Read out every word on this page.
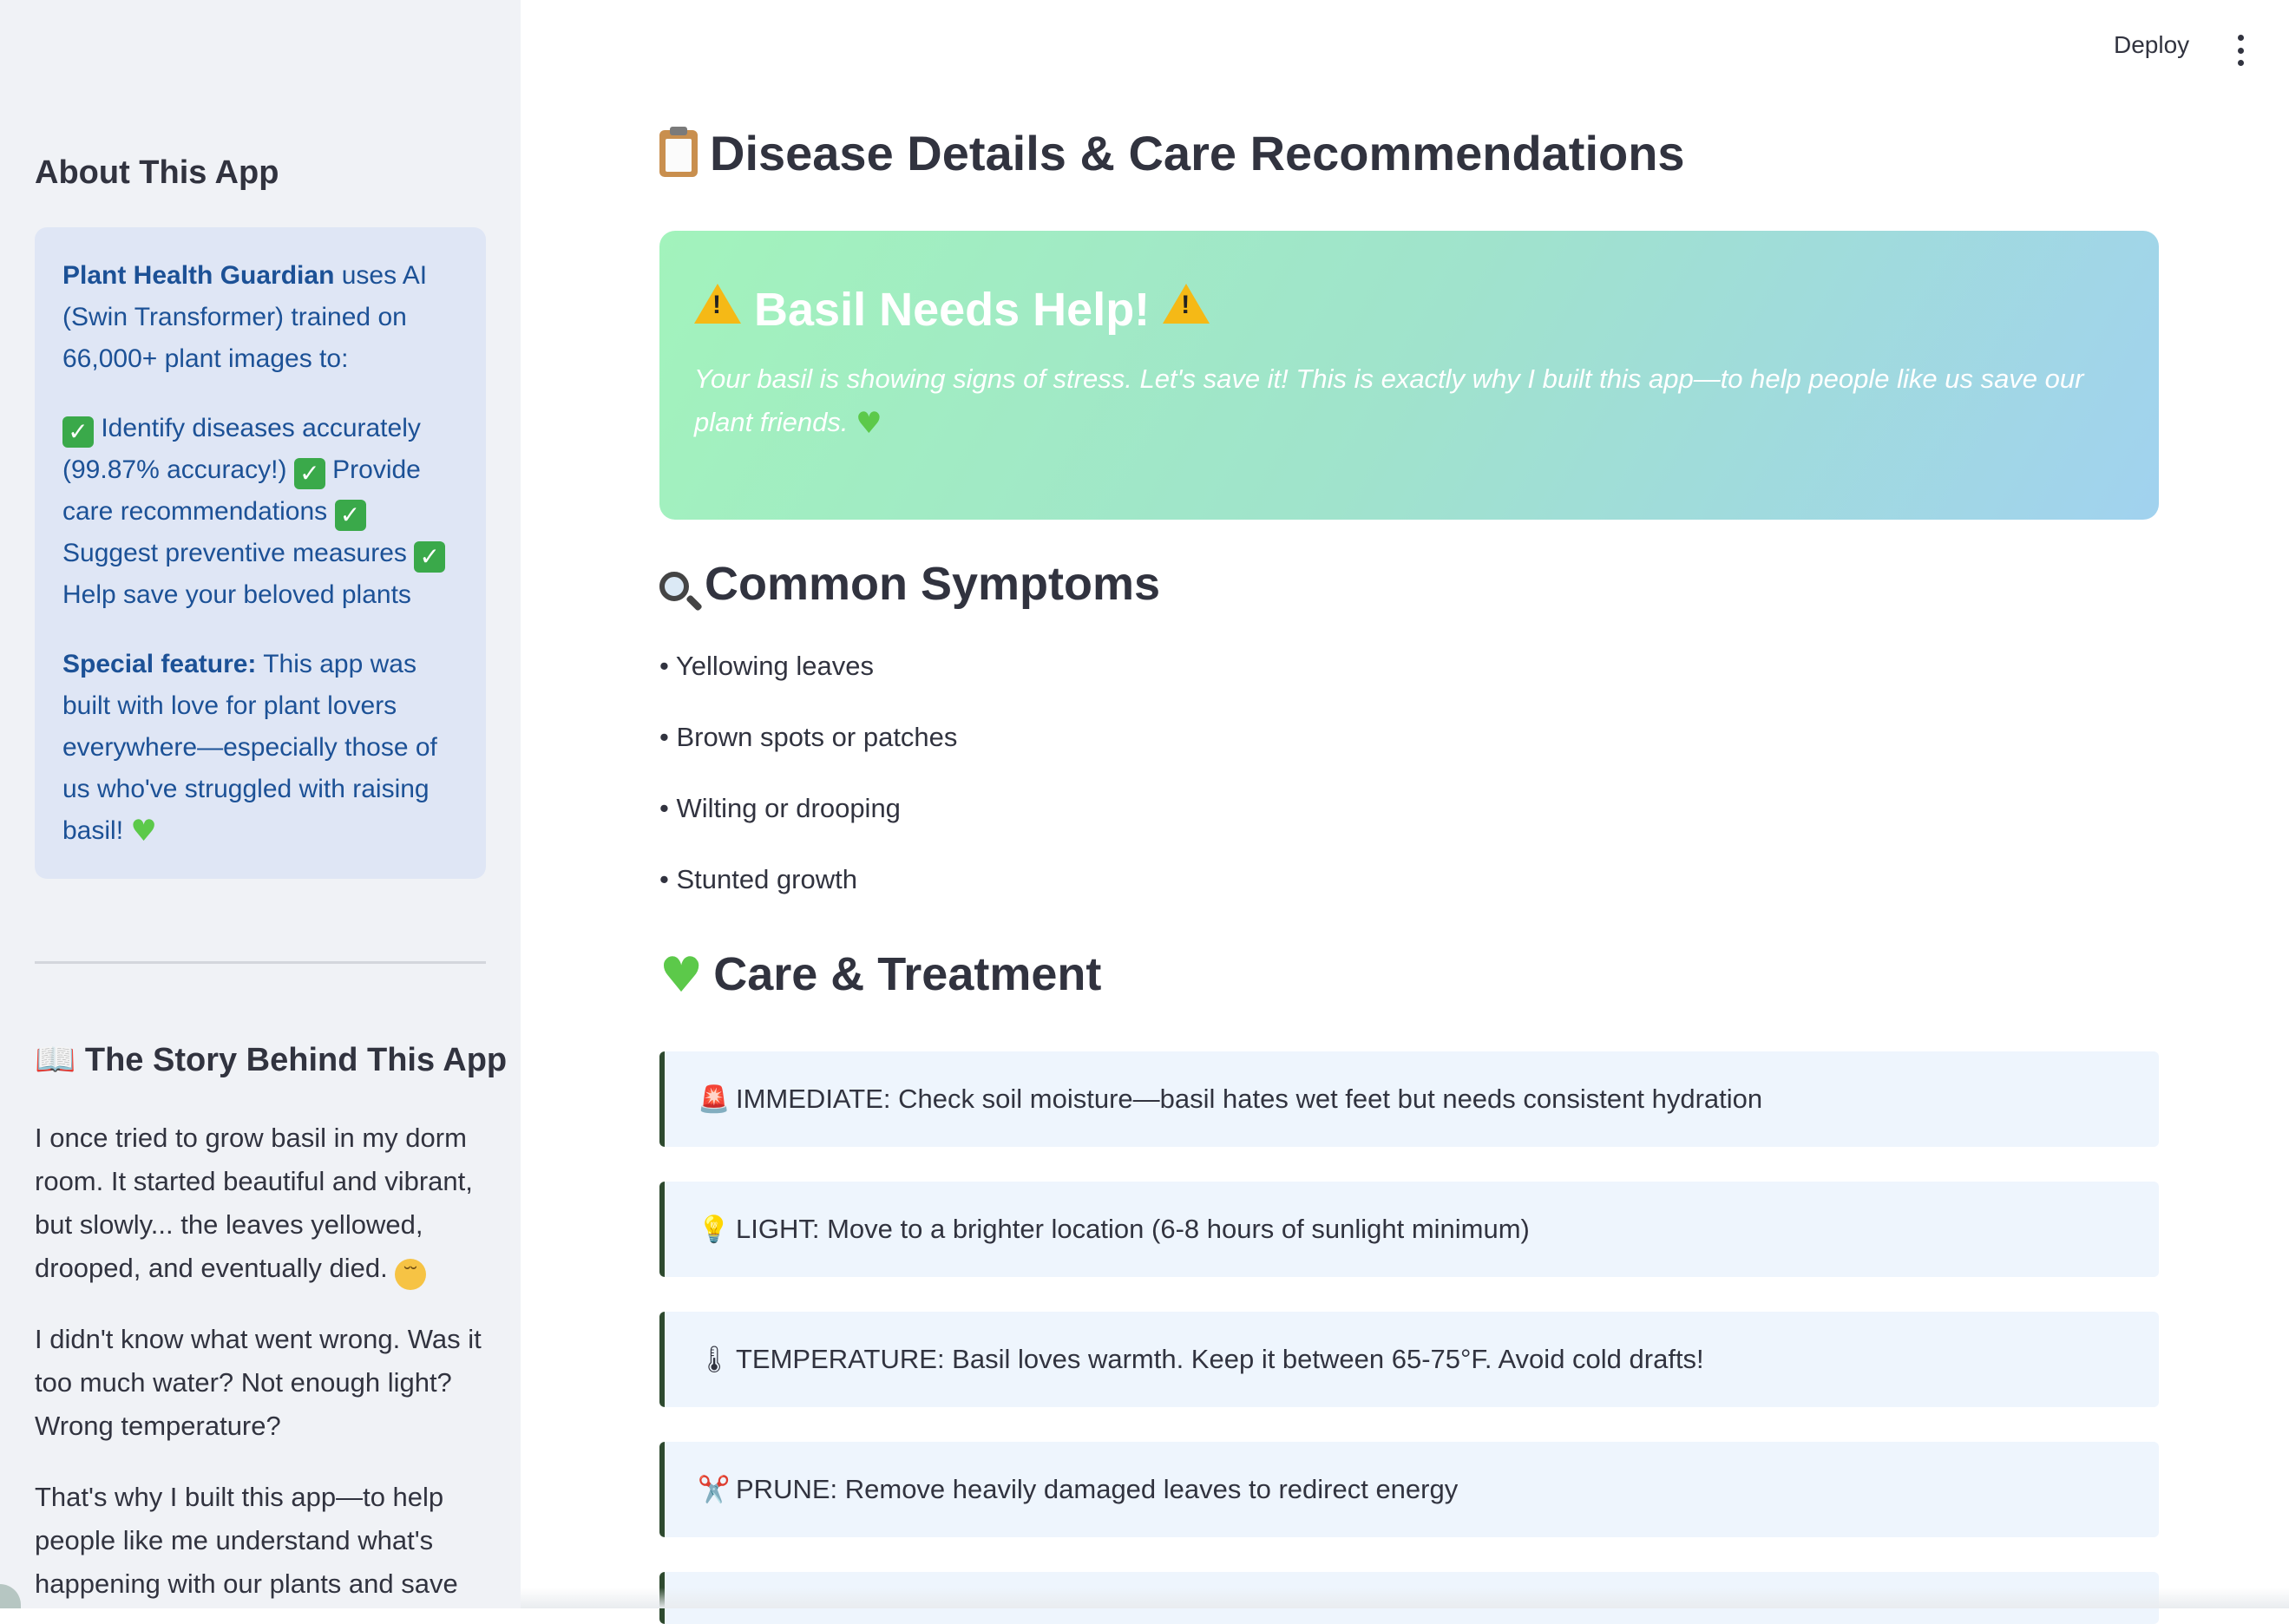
About This App

Plant Health Guardian uses AI (Swin Transformer) trained on 66,000+ plant images to:

✓ Identify diseases accurately (99.87% accuracy!) ✓ Provide care recommendations ✓ Suggest preventive measures ✓ Help save your beloved plants

Special feature: This app was built with love for plant lovers everywhere—especially those of us who've struggled with raising basil! ♥

📖 The Story Behind This App

I once tried to grow basil in my dorm room. It started beautiful and vibrant, but slowly... the leaves yellowed, drooped, and eventually died. ˘˘

I didn't know what went wrong. Was it too much water? Not enough light? Wrong temperature?

That's why I built this app—to help people like me understand what's happening with our plants and save

Deploy
Disease Details & Care Recommendations
! Basil Needs Help! !
Your basil is showing signs of stress. Let's save it! This is exactly why I built this app—to help people like us save our plant friends. ♥
Common Symptoms
• Yellowing leaves
• Brown spots or patches
• Wilting or drooping
• Stunted growth
♥ Care & Treatment
🚨 IMMEDIATE: Check soil moisture—basil hates wet feet but needs consistent hydration
💡 LIGHT: Move to a brighter location (6-8 hours of sunlight minimum)
🌡 TEMPERATURE: Basil loves warmth. Keep it between 65-75°F. Avoid cold drafts!
✂️ PRUNE: Remove heavily damaged leaves to redirect energy
